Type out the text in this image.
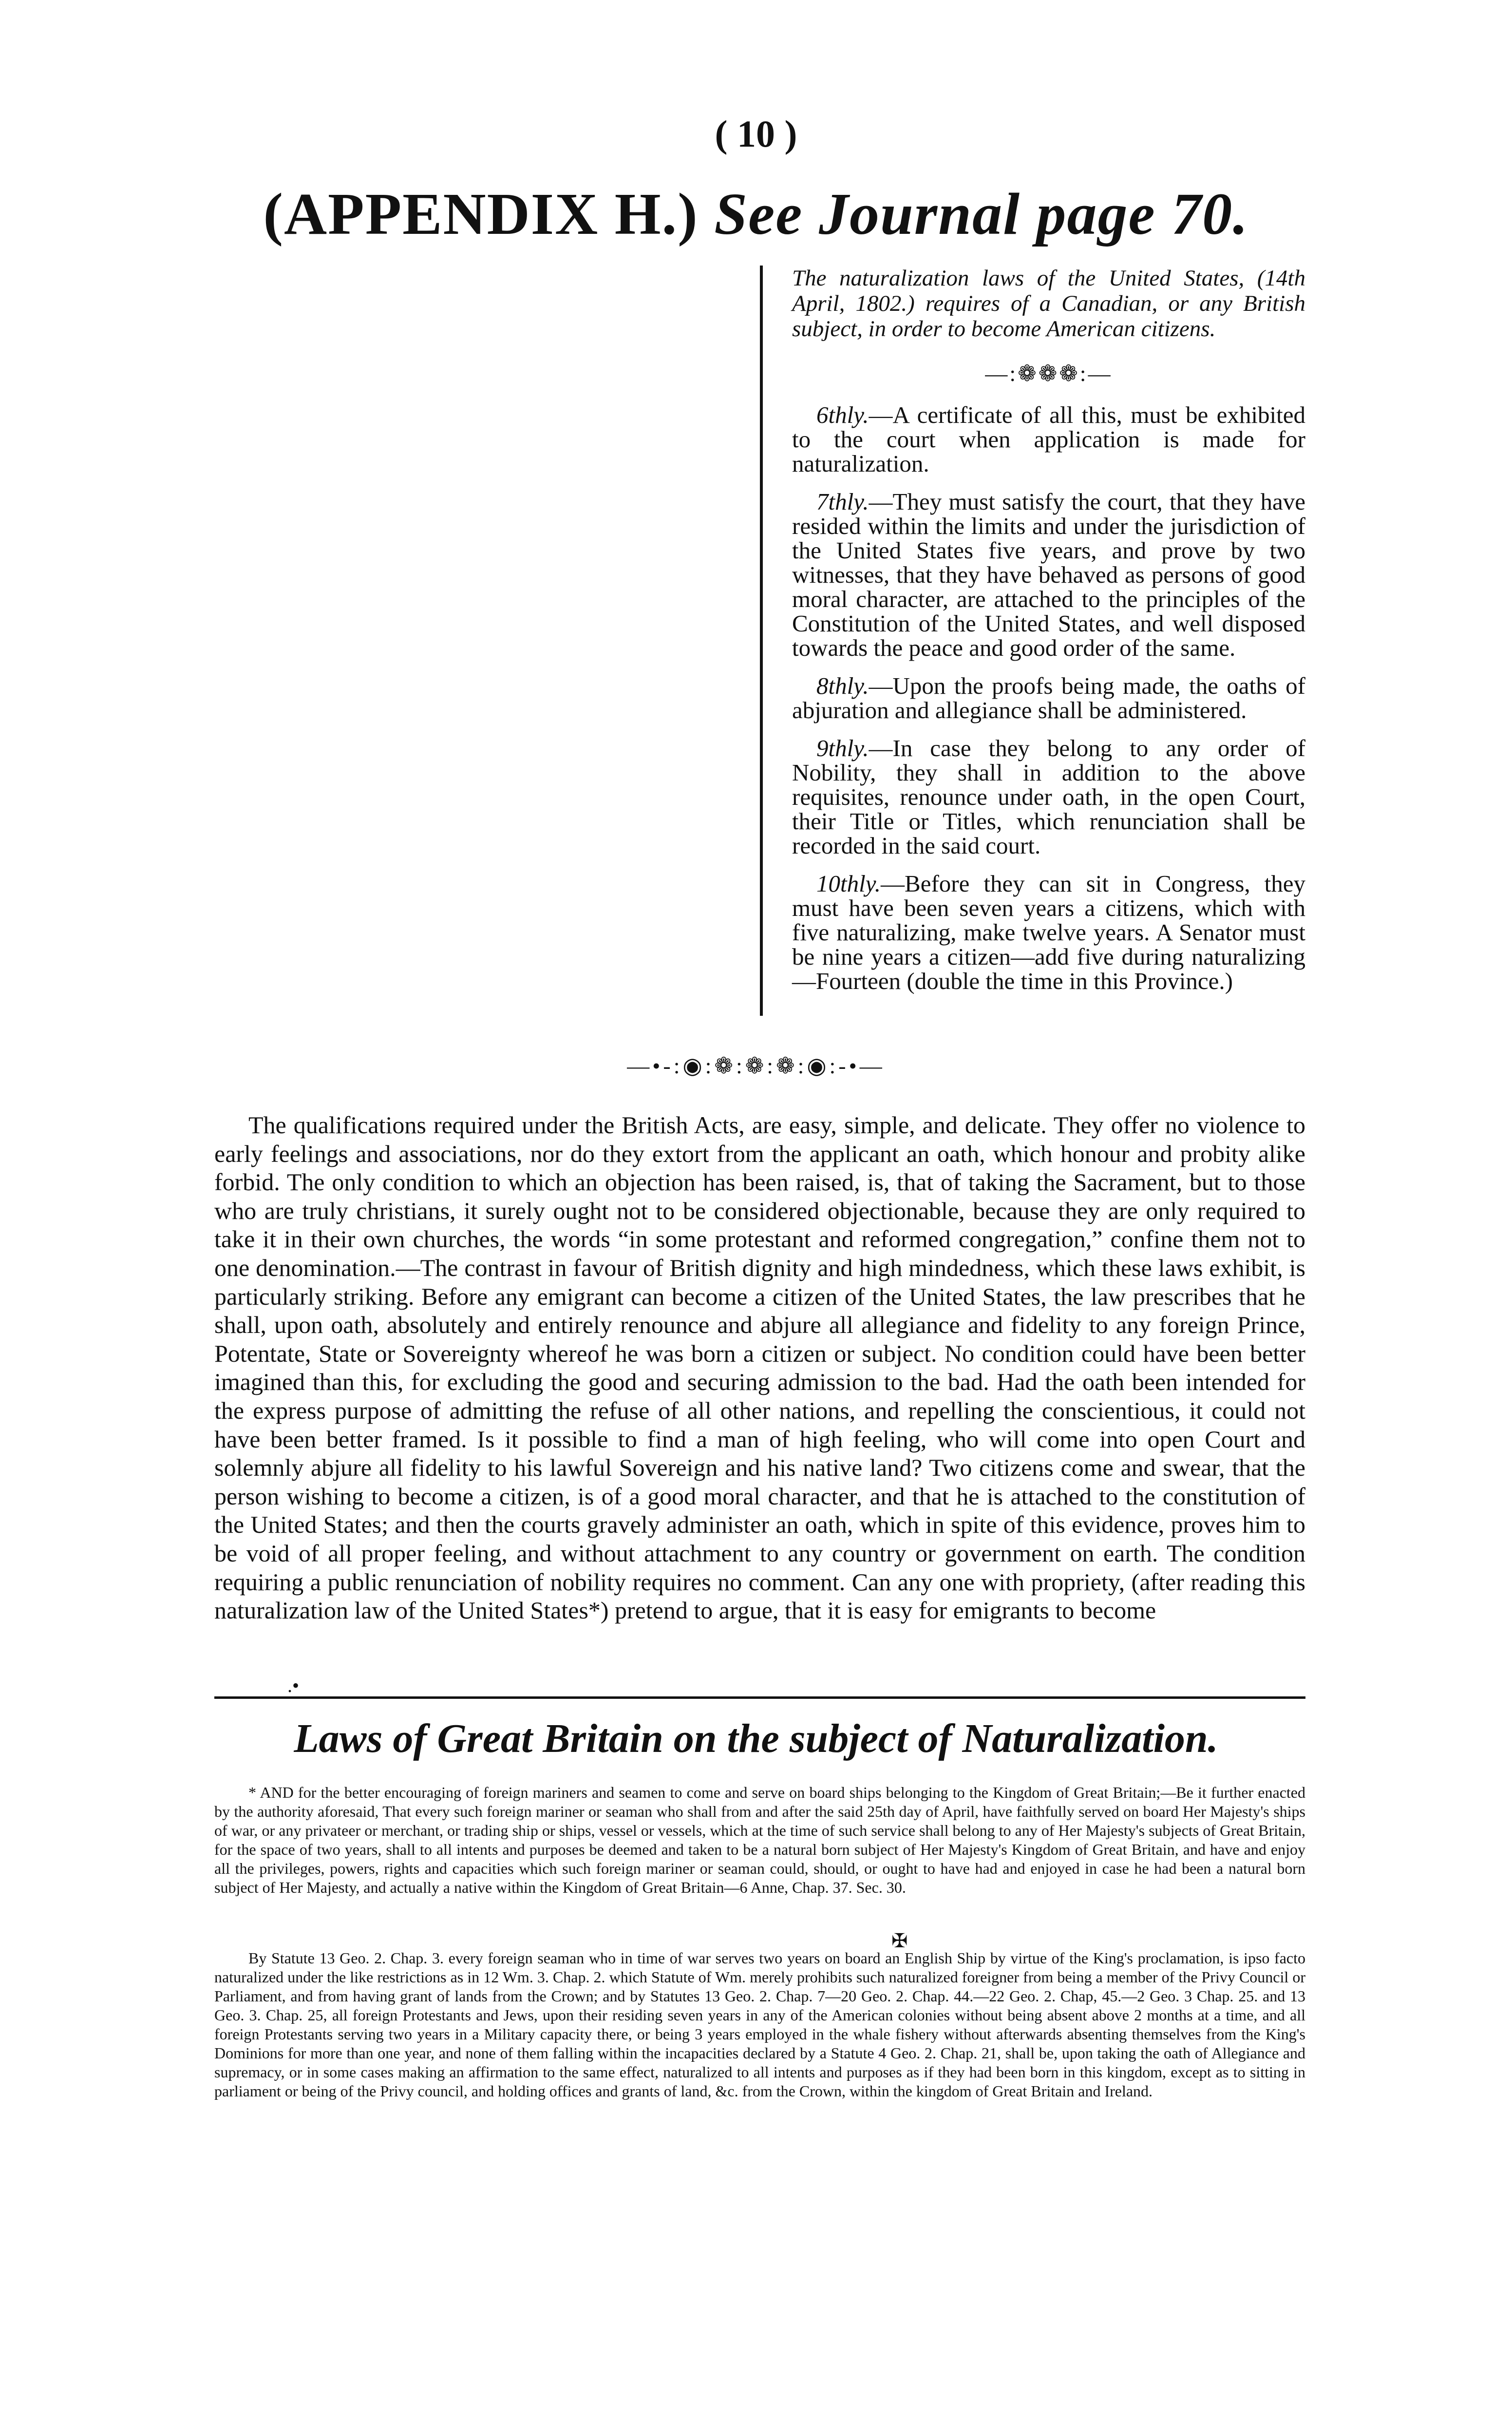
( 10 )
(APPENDIX H.) See Journal page 70.

The naturalization laws of the United States, (14th April, 1802.) requires of a Canadian, or any British subject, in order to become American citizens.

—:❁❁❁:—

6thly.—A certificate of all this, must be exhibited to the court when application is made for naturalization.

7thly.—They must satisfy the court, that they have resided within the limits and under the jurisdiction of the United States five years, and prove by two witnesses, that they have behaved as persons of good moral character, are attached to the principles of the Constitution of the United States, and well disposed towards the peace and good order of the same.

8thly.—Upon the proofs being made, the oaths of abjuration and allegiance shall be administered.

9thly.—In case they belong to any order of Nobility, they shall in addition to the above requisites, renounce under oath, in the open Court, their Title or Titles, which renunciation shall be recorded in the said court.

10thly.—Before they can sit in Congress, they must have been seven years a citizens, which with five naturalizing, make twelve years. A Senator must be nine years a citizen—add five during naturalizing—Fourteen (double the time in this Province.)

—•-:◉:❁:❁:❁:◉:-•—

The qualifications required under the British Acts, are easy, simple, and delicate. They offer no violence to early feelings and associations, nor do they extort from the applicant an oath, which honour and probity alike forbid. The only condition to which an objection has been raised, is, that of taking the Sacrament, but to those who are truly christians, it surely ought not to be considered objectionable, because they are only required to take it in their own churches, the words “in some protestant and reformed congregation,” confine them not to one denomination.—The contrast in favour of British dignity and high mindedness, which these laws exhibit, is particularly striking. Before any emigrant can become a citizen of the United States, the law prescribes that he shall, upon oath, absolutely and entirely renounce and abjure all allegiance and fidelity to any foreign Prince, Potentate, State or Sovereignty whereof he was born a citizen or subject. No condition could have been better imagined than this, for excluding the good and securing admission to the bad. Had the oath been intended for the express purpose of admitting the refuse of all other nations, and repelling the conscientious, it could not have been better framed. Is it possible to find a man of high feeling, who will come into open Court and solemnly abjure all fidelity to his lawful Sovereign and his native land? Two citizens come and swear, that the person wishing to become a citizen, is of a good moral character, and that he is attached to the constitution of the United States; and then the courts gravely administer an oath, which in spite of this evidence, proves him to be void of all proper feeling, and without attachment to any country or government on earth. The condition requiring a public renunciation of nobility requires no comment. Can any one with propriety, (after reading this naturalization law of the United States*) pretend to argue, that it is easy for emigrants to become

.•
Laws of Great Britain on the subject of Naturalization.

* AND for the better encouraging of foreign mariners and seamen to come and serve on board ships belonging to the Kingdom of Great Britain;—Be it further enacted by the authority aforesaid, That every such foreign mariner or seaman who shall from and after the said 25th day of April, have faithfully served on board Her Majesty's ships of war, or any privateer or merchant, or trading ship or ships, vessel or vessels, which at the time of such service shall belong to any of Her Majesty's subjects of Great Britain, for the space of two years, shall to all intents and purposes be deemed and taken to be a natural born subject of Her Majesty's Kingdom of Great Britain, and have and enjoy all the privileges, powers, rights and capacities which such foreign mariner or seaman could, should, or ought to have had and enjoyed in case he had been a natural born subject of Her Majesty, and actually a native within the Kingdom of Great Britain—6 Anne, Chap. 37. Sec. 30.

✠

By Statute 13 Geo. 2. Chap. 3. every foreign seaman who in time of war serves two years on board an English Ship by virtue of the King's proclamation, is ipso facto naturalized under the like restrictions as in 12 Wm. 3. Chap. 2. which Statute of Wm. merely prohibits such naturalized foreigner from being a member of the Privy Council or Parliament, and from having grant of lands from the Crown; and by Statutes 13 Geo. 2. Chap. 7—20 Geo. 2. Chap. 44.—22 Geo. 2. Chap, 45.—2 Geo. 3 Chap. 25. and 13 Geo. 3. Chap. 25, all foreign Protestants and Jews, upon their residing seven years in any of the American colonies without being absent above 2 months at a time, and all foreign Protestants serving two years in a Military capacity there, or being 3 years employed in the whale fishery without afterwards absenting themselves from the King's Dominions for more than one year, and none of them falling within the incapacities declared by a Statute 4 Geo. 2. Chap. 21, shall be, upon taking the oath of Allegiance and supremacy, or in some cases making an affirmation to the same effect, naturalized to all intents and purposes as if they had been born in this kingdom, except as to sitting in parliament or being of the Privy council, and holding offices and grants of land, &c. from the Crown, within the kingdom of Great Britain and Ireland.
